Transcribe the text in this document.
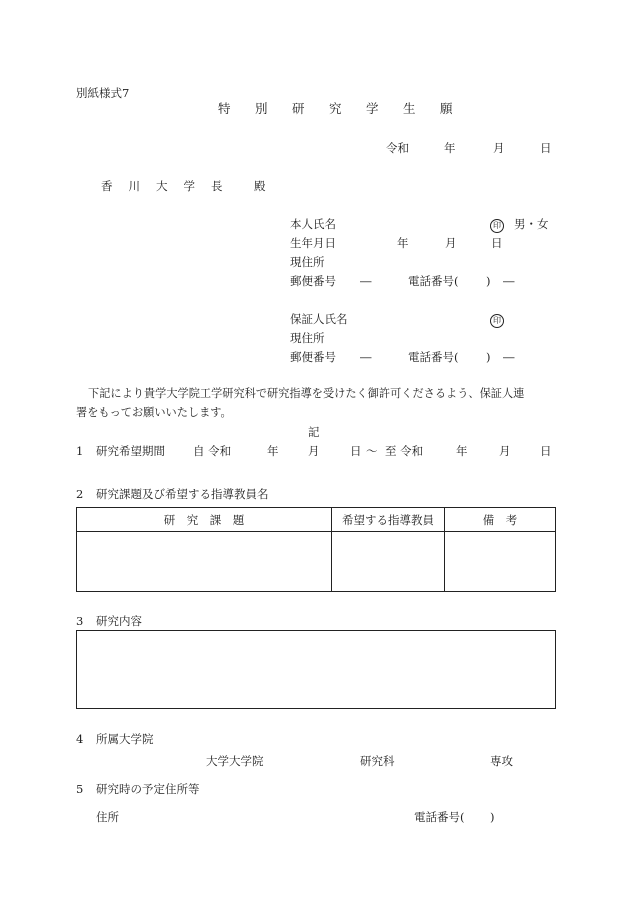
別紙様式7
特　別　研　究　学　生　願
令和	年	月	日
香川大学長 殿
本人氏名	印 男・女
生年月日	年	月	日
現住所
郵便番号 ―	電話番号( ) ―
保証人氏名	印
現住所
郵便番号 ―	電話番号( ) ―
下記により貴学大学院工学研究科で研究指導を受けたく御許可くださるよう、保証人連
署をもってお願いいたします。
記
1 研究希望期間 自 令和	年	月	日 ～ 至 令和	年	月	日
2 研究課題及び希望する指導教員名
研　究　課　題	希望する指導教員	備　考

3 研究内容
4 所属大学院
大学大学院	研究科	専攻
5 研究時の予定住所等
住所	電話番号( )
